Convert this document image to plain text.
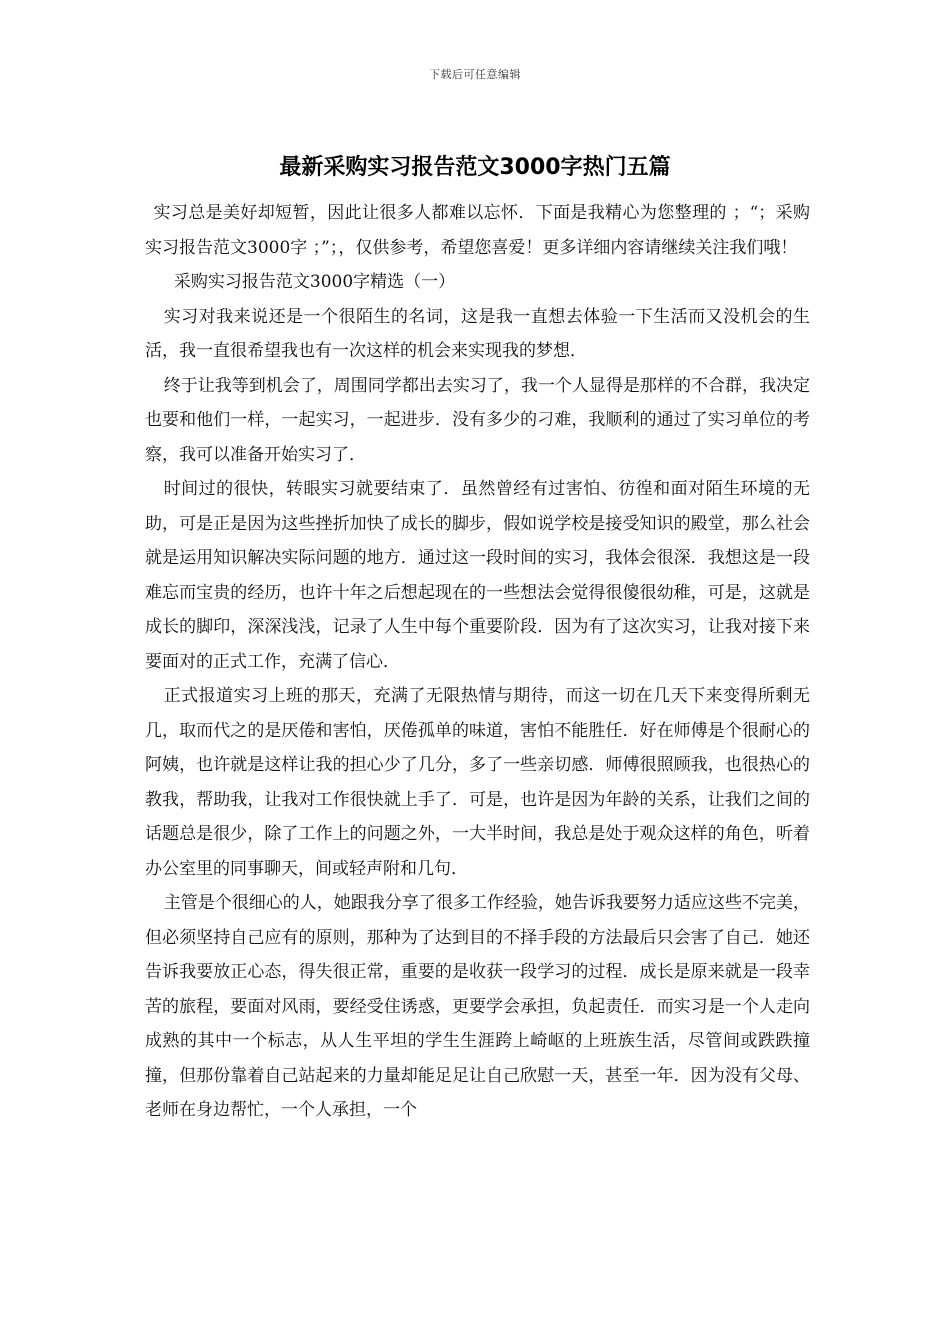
下载后可任意编辑
最新采购实习报告范文3000字热门五篇

实习总是美好却短暂，因此让很多人都难以忘怀．下面是我精心为您整理的 ；“；采购实习报告范文3000字 ；”；，仅供参考，希望您喜爱！更多详细内容请继续关注我们哦！

采购实习报告范文3000字精选（一）

实习对我来说还是一个很陌生的名词，这是我一直想去体验一下生活而又没机会的生活，我一直很希望我也有一次这样的机会来实现我的梦想．

终于让我等到机会了，周围同学都出去实习了，我一个人显得是那样的不合群，我决定也要和他们一样，一起实习，一起进步．没有多少的刁难，我顺利的通过了实习单位的考察，我可以准备开始实习了．

时间过的很快，转眼实习就要结束了．虽然曾经有过害怕、彷徨和面对陌生环境的无助，可是正是因为这些挫折加快了成长的脚步，假如说学校是接受知识的殿堂，那么社会就是运用知识解决实际问题的地方．通过这一段时间的实习，我体会很深．我想这是一段难忘而宝贵的经历，也许十年之后想起现在的一些想法会觉得很傻很幼稚，可是，这就是成长的脚印，深深浅浅，记录了人生中每个重要阶段．因为有了这次实习，让我对接下来要面对的正式工作，充满了信心．

正式报道实习上班的那天，充满了无限热情与期待，而这一切在几天下来变得所剩无几，取而代之的是厌倦和害怕，厌倦孤单的味道，害怕不能胜任．好在师傅是个很耐心的阿姨，也许就是这样让我的担心少了几分，多了一些亲切感．师傅很照顾我，也很热心的教我，帮助我，让我对工作很快就上手了．可是，也许是因为年龄的关系，让我们之间的话题总是很少，除了工作上的问题之外，一大半时间，我总是处于观众这样的角色，听着办公室里的同事聊天，间或轻声附和几句．

主管是个很细心的人，她跟我分享了很多工作经验，她告诉我要努力适应这些不完美，但必须坚持自己应有的原则，那种为了达到目的不择手段的方法最后只会害了自己．她还告诉我要放正心态，得失很正常，重要的是收获一段学习的过程．成长是原来就是一段幸苦的旅程，要面对风雨，要经受住诱惑，更要学会承担，负起责任．而实习是一个人走向成熟的其中一个标志，从人生平坦的学生生涯跨上崎岖的上班族生活，尽管间或跌跌撞撞，但那份靠着自己站起来的力量却能足足让自己欣慰一天，甚至一年．因为没有父母、老师在身边帮忙，一个人承担，一个
